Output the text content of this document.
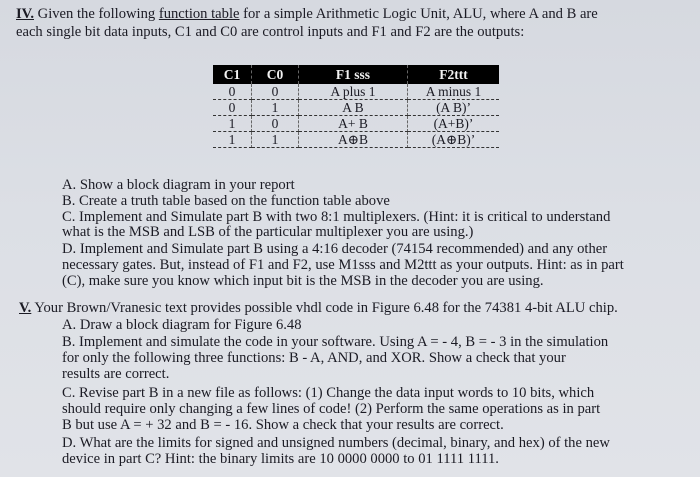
IV. Given the following function table for a simple Arithmetic Logic Unit, ALU, where A and B are
each single bit data inputs, C1 and C0 are control inputs and F1 and F2 are the outputs:
C1	C0	F1 sss	F2ttt
0	0	A plus 1	A minus 1
0	1	A B	(A B)’
1	0	A+ B	(A+B)’
1	1	A⊕B	(A⊕B)’
A. Show a block diagram in your report
B. Create a truth table based on the function table above
C. Implement and Simulate part B with two 8:1 multiplexers. (Hint: it is critical to understand
what is the MSB and LSB of the particular multiplexer you are using.)
D. Implement and Simulate part B using a 4:16 decoder (74154 recommended) and any other
necessary gates. But, instead of F1 and F2, use M1sss and M2ttt as your outputs. Hint: as in part
(C), make sure you know which input bit is the MSB in the decoder you are using.
V. Your Brown/Vranesic text provides possible vhdl code in Figure 6.48 for the 74381 4-bit ALU chip.
A. Draw a block diagram for Figure 6.48
B. Implement and simulate the code in your software. Using A = - 4, B = - 3 in the simulation
for only the following three functions: B - A, AND, and XOR. Show a check that your
results are correct.
C. Revise part B in a new file as follows: (1) Change the data input words to 10 bits, which
should require only changing a few lines of code! (2) Perform the same operations as in part
B but use A = + 32 and B = - 16. Show a check that your results are correct.
D. What are the limits for signed and unsigned numbers (decimal, binary, and hex) of the new
device in part C? Hint: the binary limits are 10 0000 0000 to 01 1111 1111.
